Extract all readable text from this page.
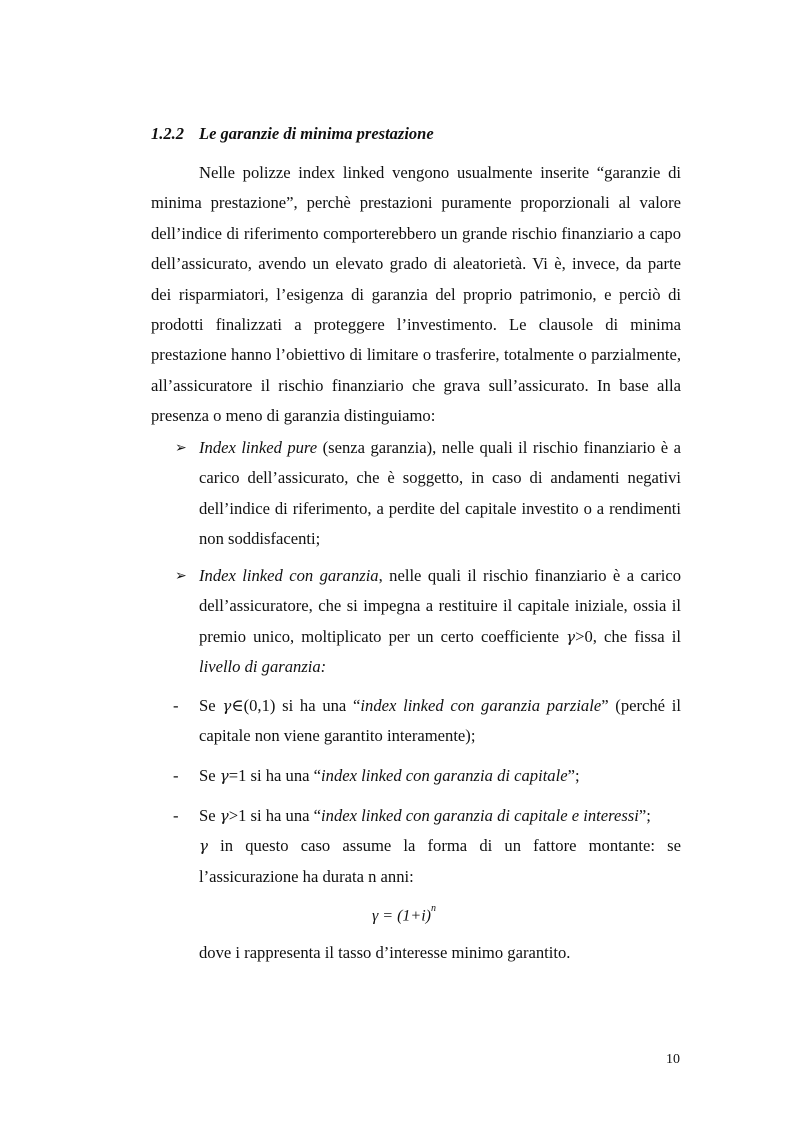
1.2.2 Le garanzie di minima prestazione

Nelle polizze index linked vengono usualmente inserite “garanzie di minima prestazione”, perchè prestazioni puramente proporzionali al valore dell’indice di riferimento comporterebbero un grande rischio finanziario a capo dell’assicurato, avendo un elevato grado di aleatorietà. Vi è, invece, da parte dei risparmiatori, l’esigenza di garanzia del proprio patrimonio, e perciò di prodotti finalizzati a proteggere l’investimento. Le clausole di minima prestazione hanno l’obiettivo di limitare o trasferire, totalmente o parzialmente, all’assicuratore il rischio finanziario che grava sull’assicurato. In base alla presenza o meno di garanzia distinguiamo:

➢ Index linked pure (senza garanzia), nelle quali il rischio finanziario è a carico dell’assicurato, che è soggetto, in caso di andamenti negativi dell’indice di riferimento, a perdite del capitale investito o a rendimenti non soddisfacenti;

➢ Index linked con garanzia, nelle quali il rischio finanziario è a carico dell’assicuratore, che si impegna a restituire il capitale iniziale, ossia il premio unico, moltiplicato per un certo coefficiente γ>0, che fissa il livello di garanzia:

- Se γ∈(0,1) si ha una “index linked con garanzia parziale” (perché il capitale non viene garantito interamente);

- Se γ=1 si ha una “index linked con garanzia di capitale”;

- Se γ>1 si ha una “index linked con garanzia di capitale e interessi”;
γ in questo caso assume la forma di un fattore montante: se l’assicurazione ha durata n anni:

$\gamma = (1+i)^n$

dove i rappresenta il tasso d’interesse minimo garantito.

10
